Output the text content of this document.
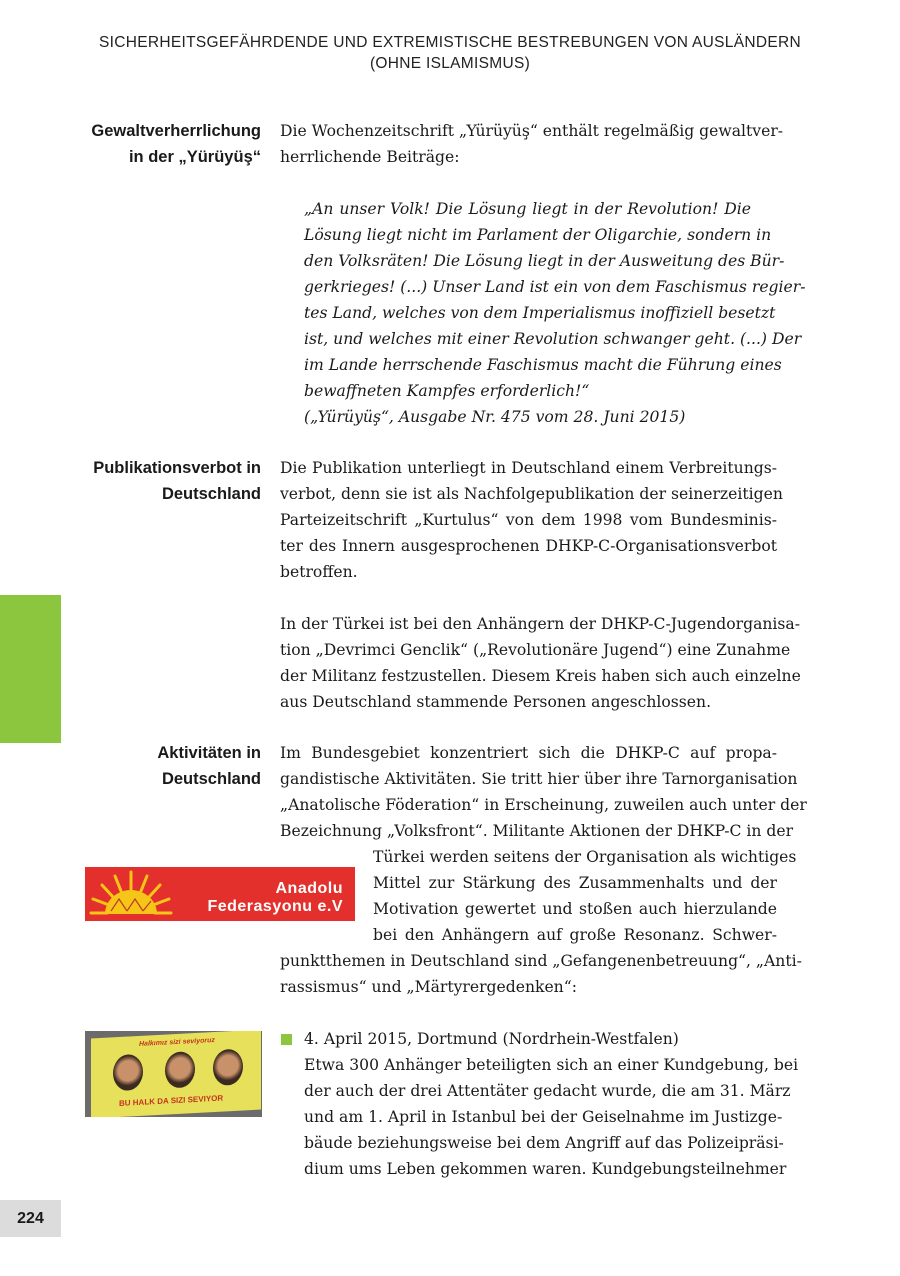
SICHERHEITSGEFÄHRDENDE UND EXTREMISTISCHE BESTREBUNGEN VON AUSLÄNDERN
(OHNE ISLAMISMUS)
Gewaltverherrlichung
in der „Yürüyüş“
Die Wochenzeitschrift „Yürüyüş“ enthält regelmäßig gewaltver-
herrlichende Beiträge:
„An unser Volk! Die Lösung liegt in der Revolution! Die
Lösung liegt nicht im Parlament der Oligarchie, sondern in
den Volksräten! Die Lösung liegt in der Ausweitung des Bür-
gerkrieges! (...) Unser Land ist ein von dem Faschismus regier-
tes Land, welches von dem Imperialismus inoffiziell besetzt
ist, und welches mit einer Revolution schwanger geht. (...) Der
im Lande herrschende Faschismus macht die Führung eines
bewaffneten Kampfes erforderlich!“
(„Yürüyüş“, Ausgabe Nr. 475 vom 28. Juni 2015)
Publikationsverbot in
Deutschland
Die Publikation unterliegt in Deutschland einem Verbreitungs-
verbot, denn sie ist als Nachfolgepublikation der seinerzeitigen
Parteizeitschrift „Kurtulus“ von dem 1998 vom Bundesminis-
ter des Innern ausgesprochenen DHKP-C-Organisationsverbot
betroffen.
In der Türkei ist bei den Anhängern der DHKP-C-Jugendorganisa-
tion „Devrimci Genclik“ („Revolutionäre Jugend“) eine Zunahme
der Militanz festzustellen. Diesem Kreis haben sich auch einzelne
aus Deutschland stammende Personen angeschlossen.
Aktivitäten in
Deutschland
Im Bundesgebiet konzentriert sich die DHKP-C auf propa-
gandistische Aktivitäten. Sie tritt hier über ihre Tarnorganisation
„Anatolische Föderation“ in Erscheinung, zuweilen auch unter der
Bezeichnung „Volksfront“. Militante Aktionen der DHKP-C in der
Türkei werden seitens der Organisation als wichtiges
Mittel zur Stärkung des Zusammenhalts und der
Motivation gewertet und stoßen auch hierzulande
bei den Anhängern auf große Resonanz. Schwer-
punktthemen in Deutschland sind „Gefangenenbetreuung“, „Anti-
rassismus“ und „Märtyrergedenken“:
Anadolu
Federasyonu e.V
Halkımız sizi seviyoruz
BU HALK DA SIZI SEVIYOR
4. April 2015, Dortmund (Nordrhein-Westfalen)
Etwa 300 Anhänger beteiligten sich an einer Kundgebung, bei
der auch der drei Attentäter gedacht wurde, die am 31. März
und am 1. April in Istanbul bei der Geiselnahme im Justizge-
bäude beziehungsweise bei dem Angriff auf das Polizeipräsi-
dium ums Leben gekommen waren. Kundgebungsteilnehmer
224
